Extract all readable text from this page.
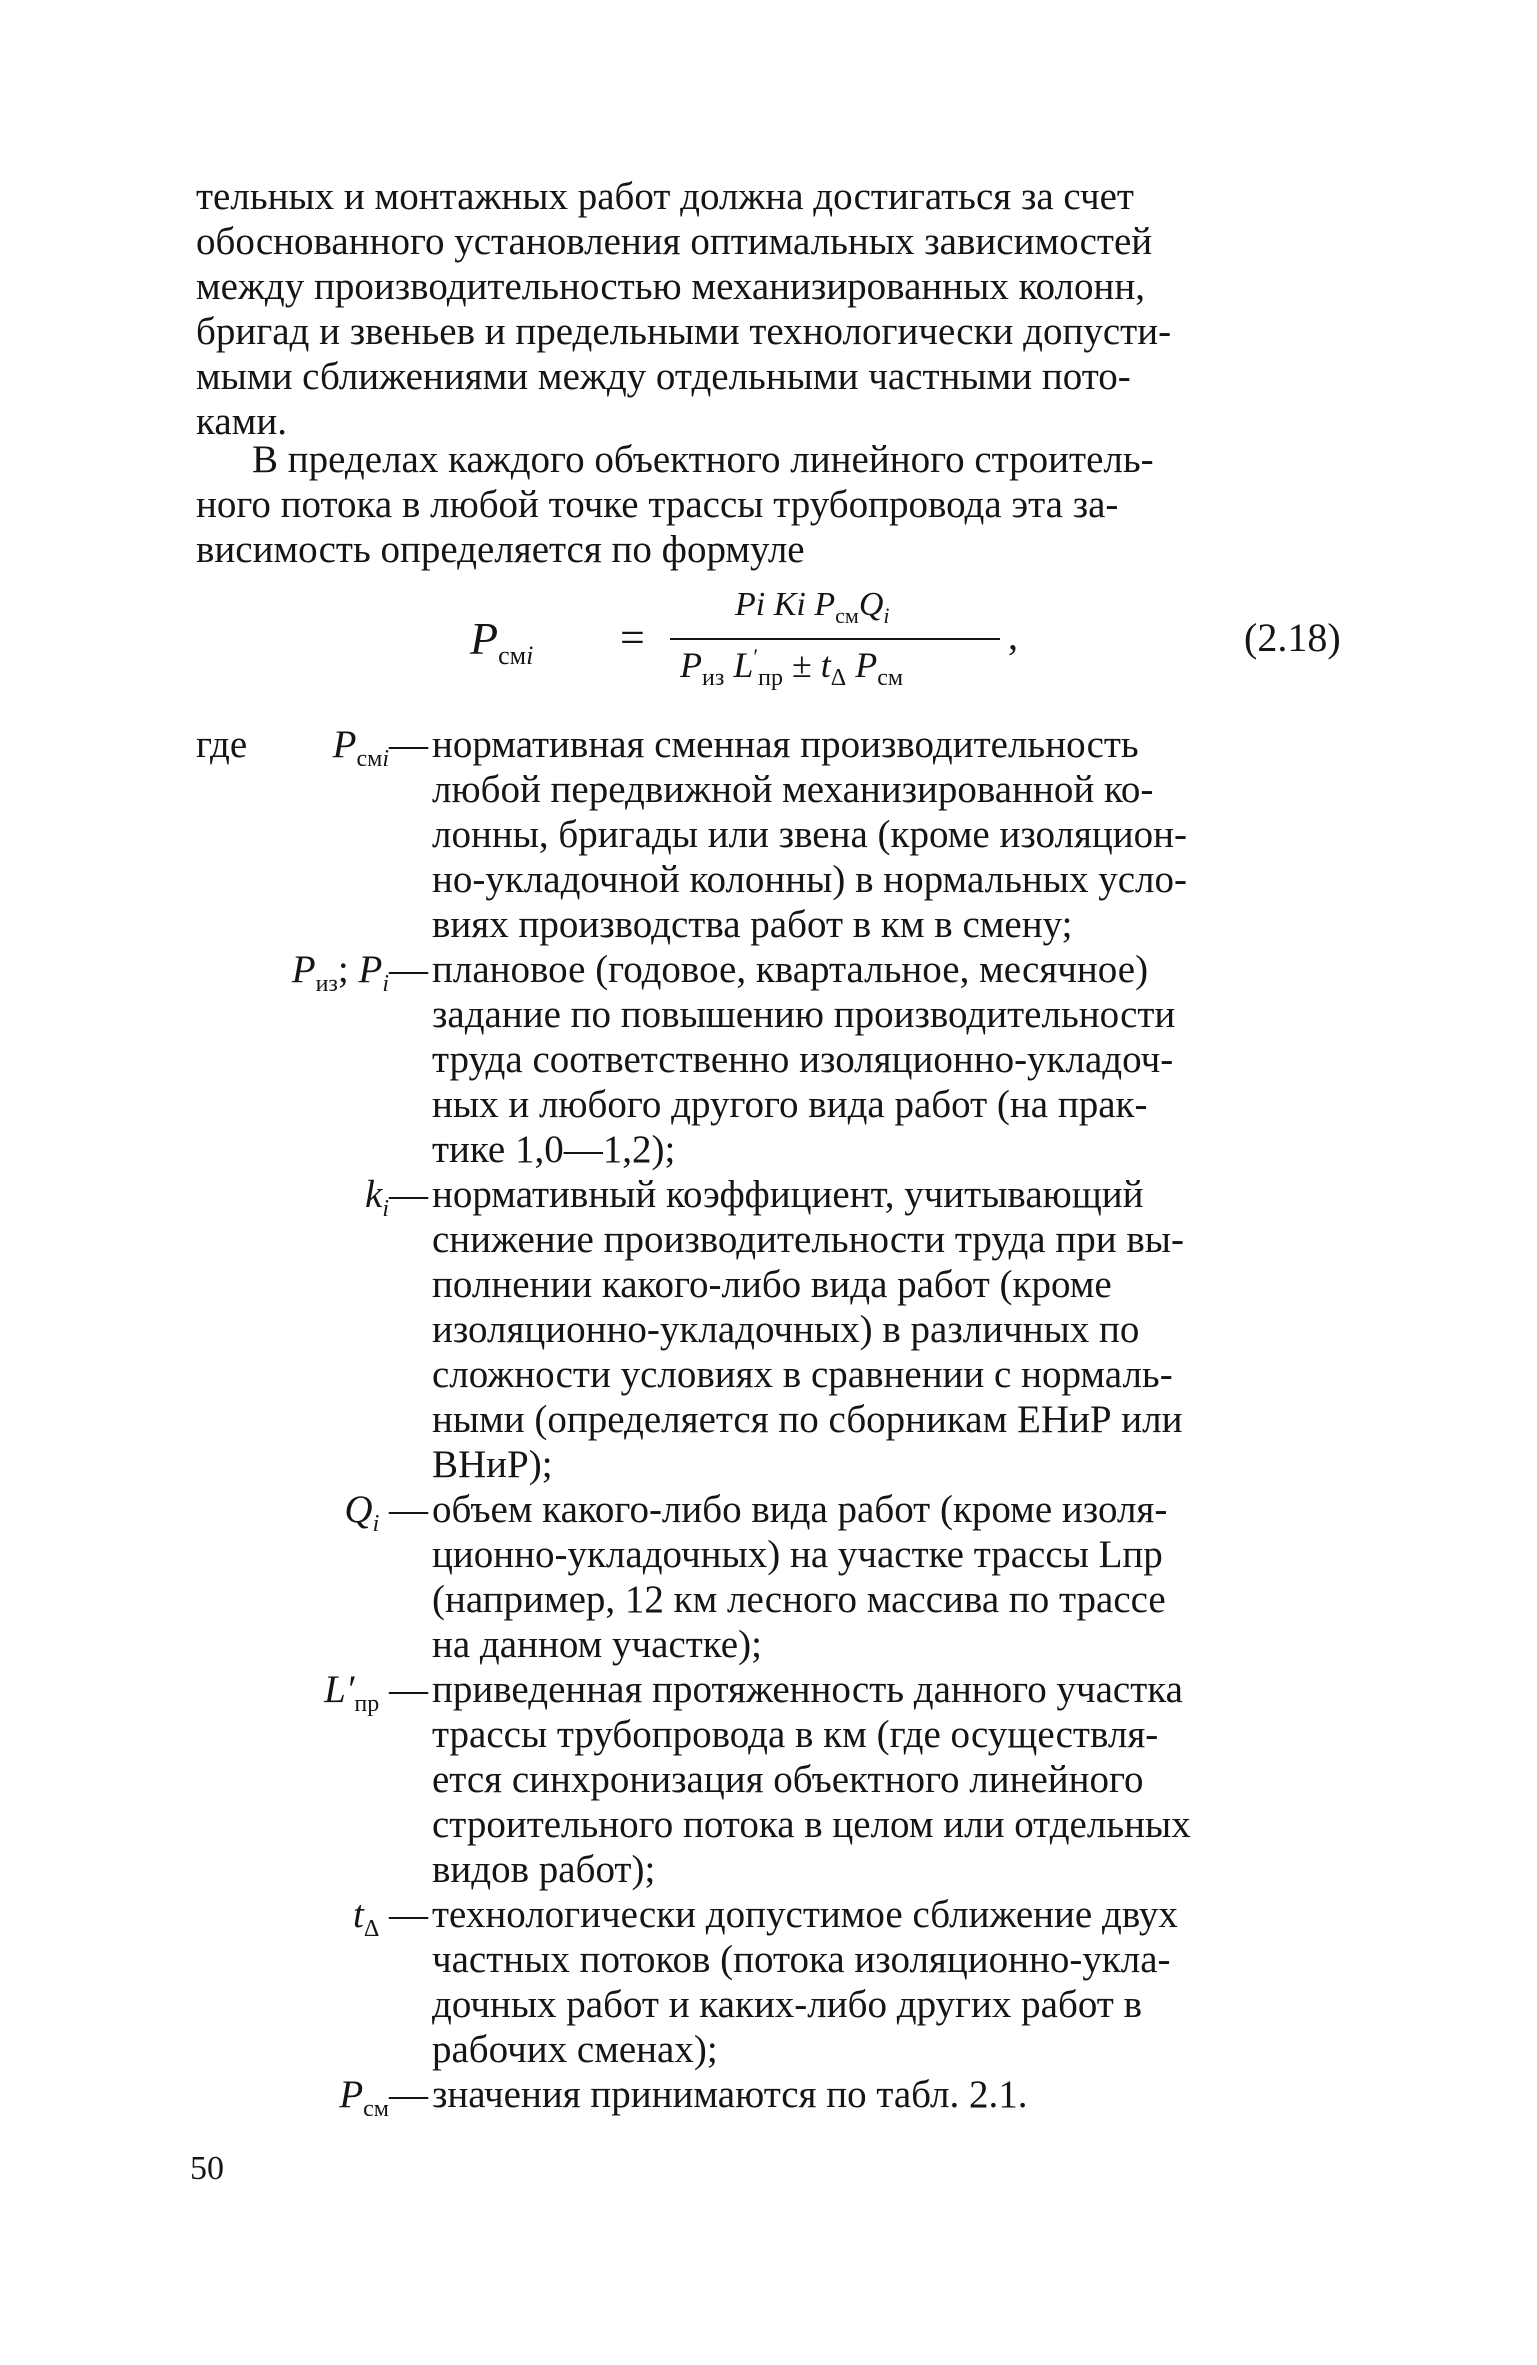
тельных и монтажных работ должна достигаться за счет
обоснованного установления оптимальных зависимостей
между производительностью механизированных колонн,
бригад и звеньев и предельными технологически допусти-
мыми сближениями между отдельными частными пото-
ками.
В пределах каждого объектного линейного строитель-
ного потока в любой точке трассы трубопровода эта за-
висимость определяется по формуле
$P_{смi}$ =
Pi Ki $P_{см}Q_i$
$P_{из}$ $L'_{пр} \pm t_\Delta$ $P_{см}$
,	(2.18)
где	$P_{смi}—$ нормативная сменная производительность
любой передвижной механизированной ко-
лонны, бригады или звена (кроме изоляцион-
но-укладочной колонны) в нормальных усло-
виях производства работ в км в смену;
$P_{из}$; $P_i—$ плановое (годовое, квартальное, месячное)
задание по повышению производительности
труда соответственно изоляционно-укладоч-
ных и любого другого вида работ (на прак-
тике 1,0—1,2);
$k_i—$ нормативный коэффициент, учитывающий
снижение производительности труда при вы-
полнении какого-либо вида работ (кроме
изоляционно-укладочных) в различных по
сложности условиях в сравнении с нормаль-
ными (определяется по сборникам ЕНиР или
ВНиР);
$Q_i$ — объем какого-либо вида работ (кроме изоля-
ционно-укладочных) на участке трассы Lпр
(например, 12 км лесного массива по трассе
на данном участке);
$L'_{пр}$ — приведенная протяженность данного участка
трассы трубопровода в км (где осуществля-
ется синхронизация объектного линейного
строительного потока в целом или отдельных
видов работ);
$t_\Delta$ — технологически допустимое сближение двух
частных потоков (потока изоляционно-укла-
дочных работ и каких-либо других работ в
рабочих сменах);
$P_{см}—$ значения принимаются по табл. 2.1.
50
